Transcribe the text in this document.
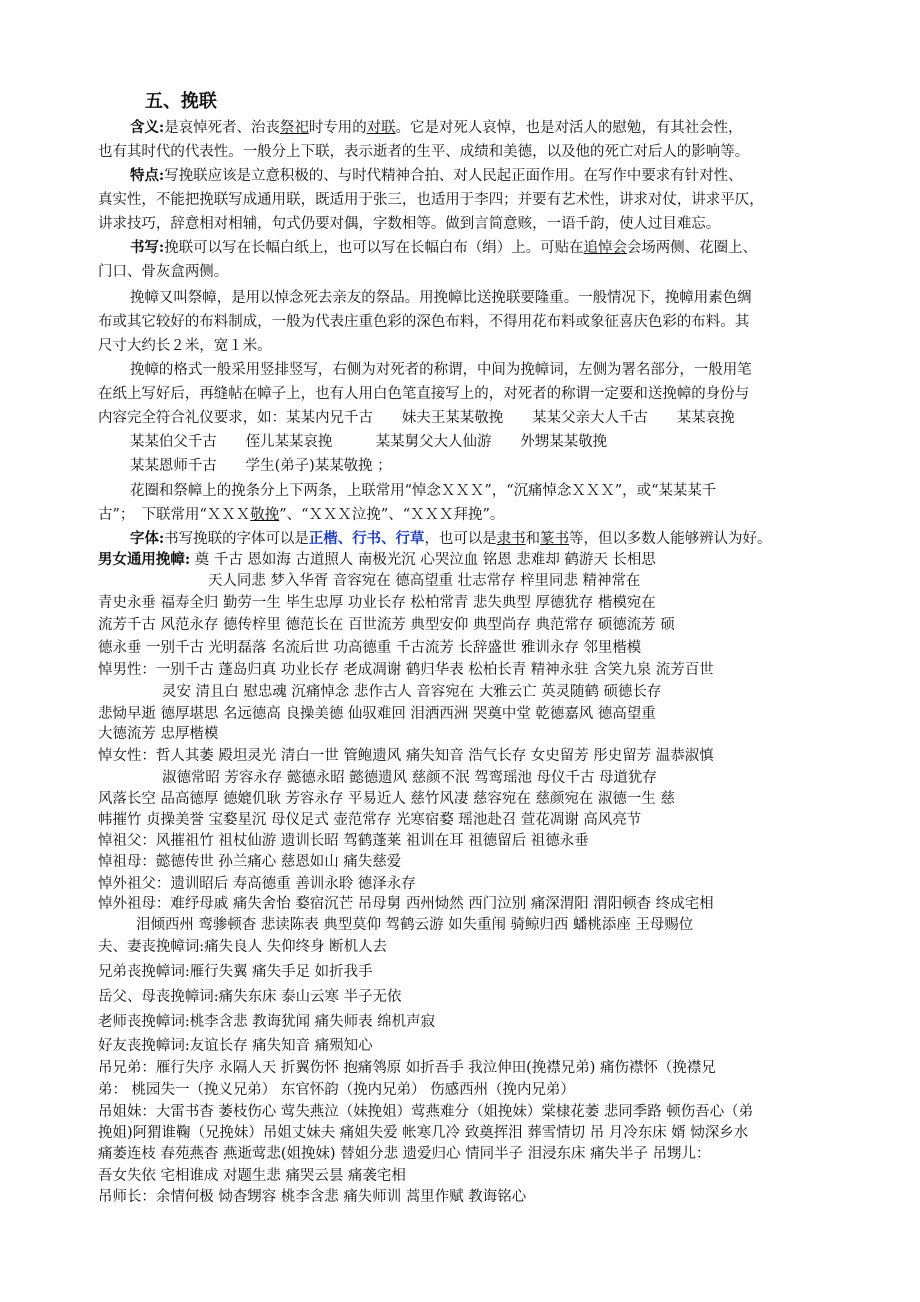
五、挽联
含义:是哀悼死者、治丧祭祀时专用的对联。它是对死人哀悼，也是对活人的慰勉，有其社会性，
也有其时代的代表性。一般分上下联，表示逝者的生平、成绩和美德，以及他的死亡对后人的影响等。
特点:写挽联应该是立意积极的、与时代精神合拍、对人民起正面作用。在写作中要求有针对性、
真实性，不能把挽联写成通用联，既适用于张三，也适用于李四；并要有艺术性，讲求对仗，讲求平仄，
讲求技巧，辞意相对相辅，句式仍要对偶，字数相等。做到言简意赅，一语千韵，使人过目难忘。
书写:挽联可以写在长幅白纸上，也可以写在长幅白布（绢）上。可贴在追悼会会场两侧、花圈上、
门口、骨灰盒两侧。
挽幛又叫祭幛，是用以悼念死去亲友的祭品。用挽幛比送挽联要隆重。一般情况下，挽幛用素色绸
布或其它较好的布料制成，一般为代表庄重色彩的深色布料，不得用花布料或象征喜庆色彩的布料。其
尺寸大约长２米，宽１米。
挽幛的格式一般采用竖排竖写，右侧为对死者的称谓，中间为挽幛词，左侧为署名部分，一般用笔
在纸上写好后，再缝帖在幛子上，也有人用白色笔直接写上的，对死者的称谓一定要和送挽幛的身份与
内容完全符合礼仪要求，如：某某内兄千古　　妹夫王某某敬挽　　某某父亲大人千古　　某某哀挽
某某伯父千古　　侄儿某某哀挽　　　某某舅父大人仙游　　外甥某某敬挽
某某恩师千古　　学生(弟子)某某敬挽 ；
花圈和祭幛上的挽条分上下两条，上联常用“悼念ＸＸＸ”，“沉痛悼念ＸＸＸ”，或“某某某千
古”；　下联常用“ＸＸＸ敬挽”、“ＸＸＸ泣挽”、“ＸＸＸ拜挽”。
字体:书写挽联的字体可以是正楷、行书、行草，也可以是隶书和篆书等，但以多数人能够辨认为好。
男女通用挽幛: 奠 千古 恩如海 古道照人 南极光沉 心哭泣血 铭恩 悲难却 鹤游天 长相思
天人同悲 梦入华胥 音容宛在 德高望重 壮志常存 梓里同悲 精神常在
青史永垂 福寿全归 勤劳一生 毕生忠厚 功业长存 松柏常青 悲失典型 厚德犹存 楷模宛在
流芳千古 风范永存 德传梓里 德范长在 百世流芳 典型安仰 典型尚存 典范常存 硕德流芳 硕
德永垂 一别千古 光明磊落 名流后世 功高德重 千古流芳 长辞盛世 雅训永存 邻里楷模
悼男性：一别千古 蓬岛归真 功业长存 老成凋谢 鹤归华表 松柏长青 精神永驻 含笑九泉 流芳百世
灵安 清且白 慰忠魂 沉痛悼念 悲作古人 音容宛在 大雅云亡 英灵随鹤 硕德长存
悲恸早逝 德厚堪思 名远德高 良操美德 仙驭难回 泪洒西洲 哭奠中堂 乾德嘉风 德高望重
大德流芳 忠厚楷模
悼女性：哲人其萎 殿坦灵光 清白一世 管鲍遗风 痛失知音 浩气长存 女史留芳 彤史留芳 温恭淑慎
淑德常昭 芳容永存 懿德永昭 懿德遗风 慈颜不泯 驾鸾瑶池 母仪千古 母道犹存
风落长空 品高德厚 德媲仉耿 芳容永存 平易近人 慈竹风凄 慈容宛在 慈颜宛在 淑德一生 慈
帏摧竹 贞操美誉 宝婺星沉 母仪足式 壶范常存 光寒宿婺 瑶池赴召 萱花凋谢 高风亮节
悼祖父：风摧祖竹 祖杖仙游 遗训长昭 驾鹤蓬莱 祖训在耳 祖德留后 祖德永垂
悼祖母：懿德传世 孙兰痛心 慈恩如山 痛失慈爱
悼外祖父：遗训昭后 寿高德重 善训永聆 德泽永存
悼外祖母：难纾母戚 痛失舍怡 婺宿沉芒 吊母舅 西州恸然 西门泣别 痛深渭阳 渭阳顿杳 终成宅相
泪倾西州 鸾骖顿杳 悲读陈表 典型莫仰 驾鹤云游 如失重闱 骑鲸归西 蟠桃添座 王母赐位
夫、妻丧挽幛词:痛失良人 失仰终身 断机人去
兄弟丧挽幛词:雁行失翼 痛失手足 如折我手
岳父、母丧挽幛词:痛失东床 泰山云寒 半子无依
老师丧挽幛词:桃李含悲 教诲犹闻 痛失师表 绵机声寂
好友丧挽幛词:友谊长存 痛失知音 痛殒知心
吊兄弟：雁行失序 永隔人天 折翼伤怀 抱痛鸰原 如折吾手 我泣伸田(挽襟兄弟) 痛伤襟怀（挽襟兄
弟： 桃园失一（挽义兄弟） 东官怀韵（挽内兄弟） 伤感西州（挽内兄弟）
吊姐妹：大雷书杳 萎枝伤心 莺失燕泣（妹挽姐）莺燕难分（姐挽妹）棠棣花萎 悲同季路 顿伤吾心（弟
挽姐)阿猬谁鞠（兄挽妹）吊姐丈妹夫 痛姐失爱 帐寒几冷 致奠挥泪 葬雪情切 吊 月冷东床 婿 恸深乡水
痛萎连枝 春苑燕杳 燕逝莺悲(姐挽妹) 替姐分悲 遗爱归心 情同半子 泪浸东床 痛失半子 吊甥儿：
吾女失依 宅相谁成 对题生悲 痛哭云昙 痛袭宅相
吊师长：余情何极 恸杳甥容 桃李含悲 痛失师训 蒿里作赋 教诲铭心
